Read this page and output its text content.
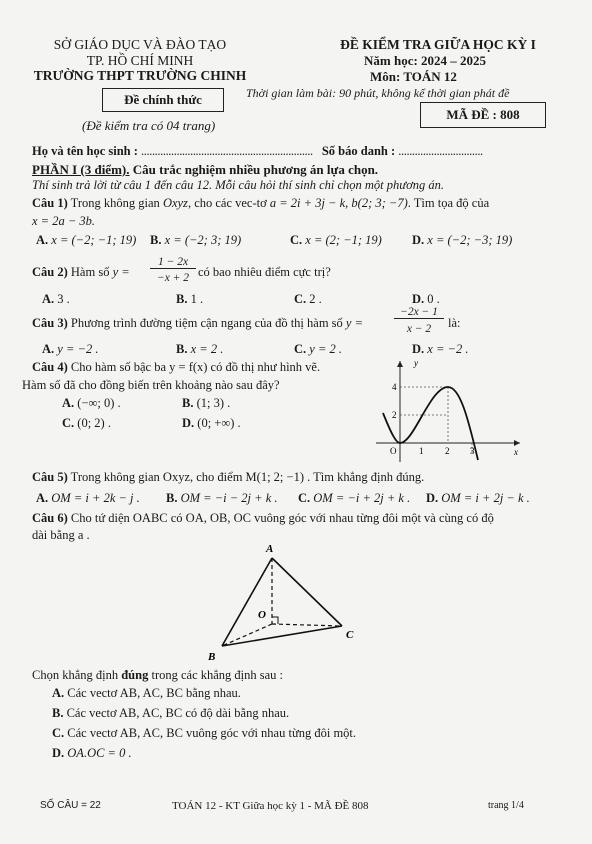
SỞ GIÁO DỤC VÀ ĐÀO TẠO
TP. HỒ CHÍ MINH
TRƯỜNG THPT TRƯỜNG CHINH
Đề chính thức
(Đề kiểm tra có 04 trang)
ĐỀ KIỂM TRA GIỮA HỌC KỲ I
Năm học: 2024 – 2025
Môn: TOÁN 12
Thời gian làm bài: 90 phút, không kể thời gian phát đề
MÃ ĐỀ : 808
Họ và tên học sinh : ............................................................... Số báo danh : ...............................
PHẦN I (3 điểm). Câu trắc nghiệm nhiều phương án lựa chọn.
Thí sinh trả lời từ câu 1 đến câu 12. Mỗi câu hỏi thí sinh chỉ chọn một phương án.
Câu 1) Trong không gian Oxyz, cho các vec-tơ a = 2i + 3j − k, b(2; 3; −7). Tìm tọa độ của
x = 2a − 3b.
A. x = (−2; −1; 19) B. x = (−2; 3; 19)	C. x = (2; −1; 19) D. x = (−2; −3; 19)
Câu 2) Hàm số y =
1 − 2x
−x + 2 có bao nhiêu điểm cực trị?
A. 3 .	B. 1 .	C. 2 .	D. 0 .
Câu 3) Phương trình đường tiệm cận ngang của đồ thị hàm số y =
−2x − 1
x − 2	là:
A. y = −2 .	B. x = 2 .	C. y = 2 .	D. x = −2 .
Câu 4) Cho hàm số bậc ba y = f(x) có đồ thị như hình vẽ.
Hàm số đã cho đồng biến trên khoảng nào sau đây?
A. (−∞; 0) .	B. (1; 3) .
C. (0; 2) .	D. (0; +∞) .
y
x
O	1 2 3
2
4
Câu 5) Trong không gian Oxyz, cho điểm M(1; 2; −1) . Tìm khẳng định đúng.
A. OM = i + 2k − j . B. OM = −i − 2j + k . C. OM = −i + 2j + k . D. OM = i + 2j − k .
Câu 6) Cho tứ diện OABC có OA, OB, OC vuông góc với nhau từng đôi một và cùng có độ
dài bằng a .
A
O
C
B
Chọn khẳng định đúng trong các khẳng định sau :
A. Các vectơ AB, AC, BC bằng nhau.
B. Các vectơ AB, AC, BC có độ dài bằng nhau.
C. Các vectơ AB, AC, BC vuông góc với nhau từng đôi một.
D. OA.OC = 0 .
SỐ CÂU = 22	TOÁN 12 - KT Giữa học kỳ 1 - MÃ ĐỀ 808	trang 1/4
